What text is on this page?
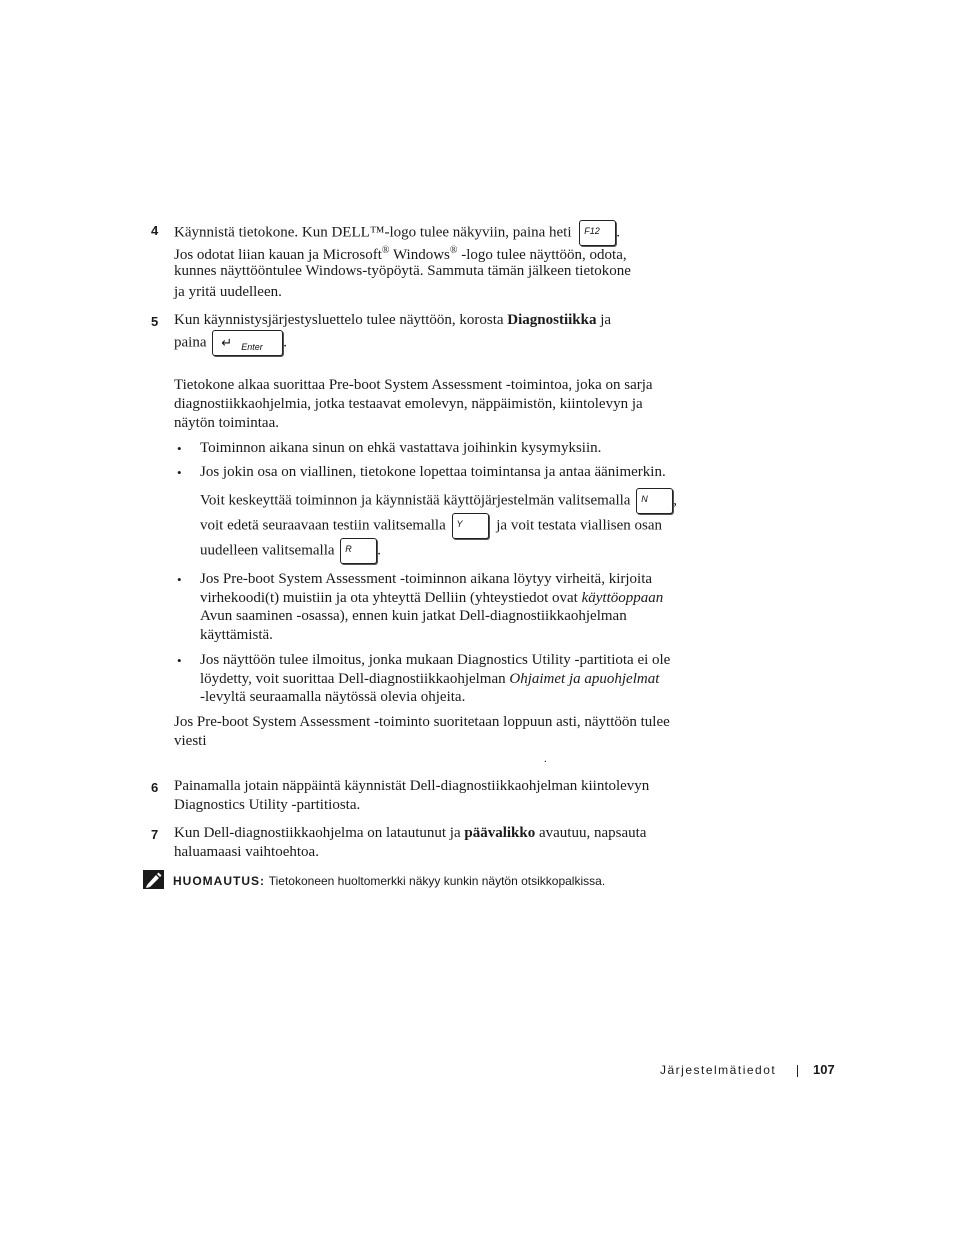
4 Käynnistä tietokone. Kun DELL™-logo tulee näkyviin, paina heti F12 .
Jos odotat liian kauan ja Microsoft® Windows® -logo tulee näyttöön, odota,
kunnes näyttööntulee Windows-työpöytä. Sammuta tämän jälkeen tietokone
ja yritä uudelleen.
5 Kun käynnistysjärjestysluettelo tulee näyttöön, korosta Diagnostiikka ja
paina ↵ Enter .
Tietokone alkaa suorittaa Pre-boot System Assessment -toimintoa, joka on sarja
diagnostiikkaohjelmia, jotka testaavat emolevyn, näppäimistön, kiintolevyn ja
näytön toimintaa.
• Toiminnon aikana sinun on ehkä vastattava joihinkin kysymyksiin.
• Jos jokin osa on viallinen, tietokone lopettaa toimintansa ja antaa äänimerkin.
Voit keskeyttää toiminnon ja käynnistää käyttöjärjestelmän valitsemalla N ,
voit edetä seuraavaan testiin valitsemalla Y ja voit testata viallisen osan
uudelleen valitsemalla R .
• Jos Pre-boot System Assessment -toiminnon aikana löytyy virheitä, kirjoita
virhekoodi(t) muistiin ja ota yhteyttä Delliin (yhteystiedot ovat käyttöoppaan
Avun saaminen -osassa), ennen kuin jatkat Dell-diagnostiikkaohjelman
käyttämistä.
• Jos näyttöön tulee ilmoitus, jonka mukaan Diagnostics Utility -partitiota ei ole
löydetty, voit suorittaa Dell-diagnostiikkaohjelman Ohjaimet ja apuohjelmat
-levyltä seuraamalla näytössä olevia ohjeita.
Jos Pre-boot System Assessment -toiminto suoritetaan loppuun asti, näyttöön tulee
viesti
.
6 Painamalla jotain näppäintä käynnistät Dell-diagnostiikkaohjelman kiintolevyn
Diagnostics Utility -partitiosta.
7 Kun Dell-diagnostiikkaohjelma on latautunut ja päävalikko avautuu, napsauta
haluamaasi vaihtoehtoa.
HUOMAUTUS: Tietokoneen huoltomerkki näkyy kunkin näytön otsikkopalkissa.
Järjestelmätiedot	107
